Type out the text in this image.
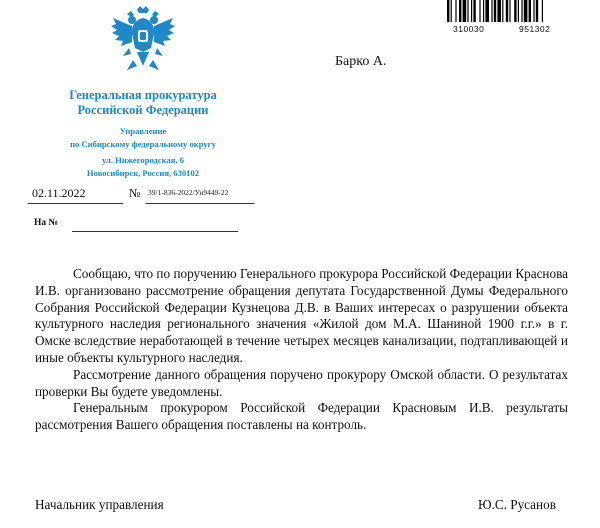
Генеральная прокуратура
Российской Федерации
Управление
по Сибирскому федеральному округу
ул. Нижегородская, 6
Новосибирск, Россия, 630102
02.11.2022	№ 39/1-836-2022/Ун9449-22
На №
310030	951302
Барко А.

Сообщаю, что по поручению Генерального прокурора Российской Федерации Краснова И.В. организовано рассмотрение обращения депутата Государственной Думы Федерального Собрания Российской Федерации Кузнецова Д.В. в Ваших интересах о разрушении объекта культурного наследия регионального значения «Жилой дом М.А. Шаниной 1900 г.г.» в г. Омске вследствие неработающей в течение четырех месяцев канализации, подтапливающей и иные объекты культурного наследия.

Рассмотрение данного обращения поручено прокурору Омской области. О результатах проверки Вы будете уведомлены.

Генеральным прокурором Российской Федерации Красновым И.В. результаты рассмотрения Вашего обращения поставлены на контроль.

Начальник управления	Ю.С. Русанов
